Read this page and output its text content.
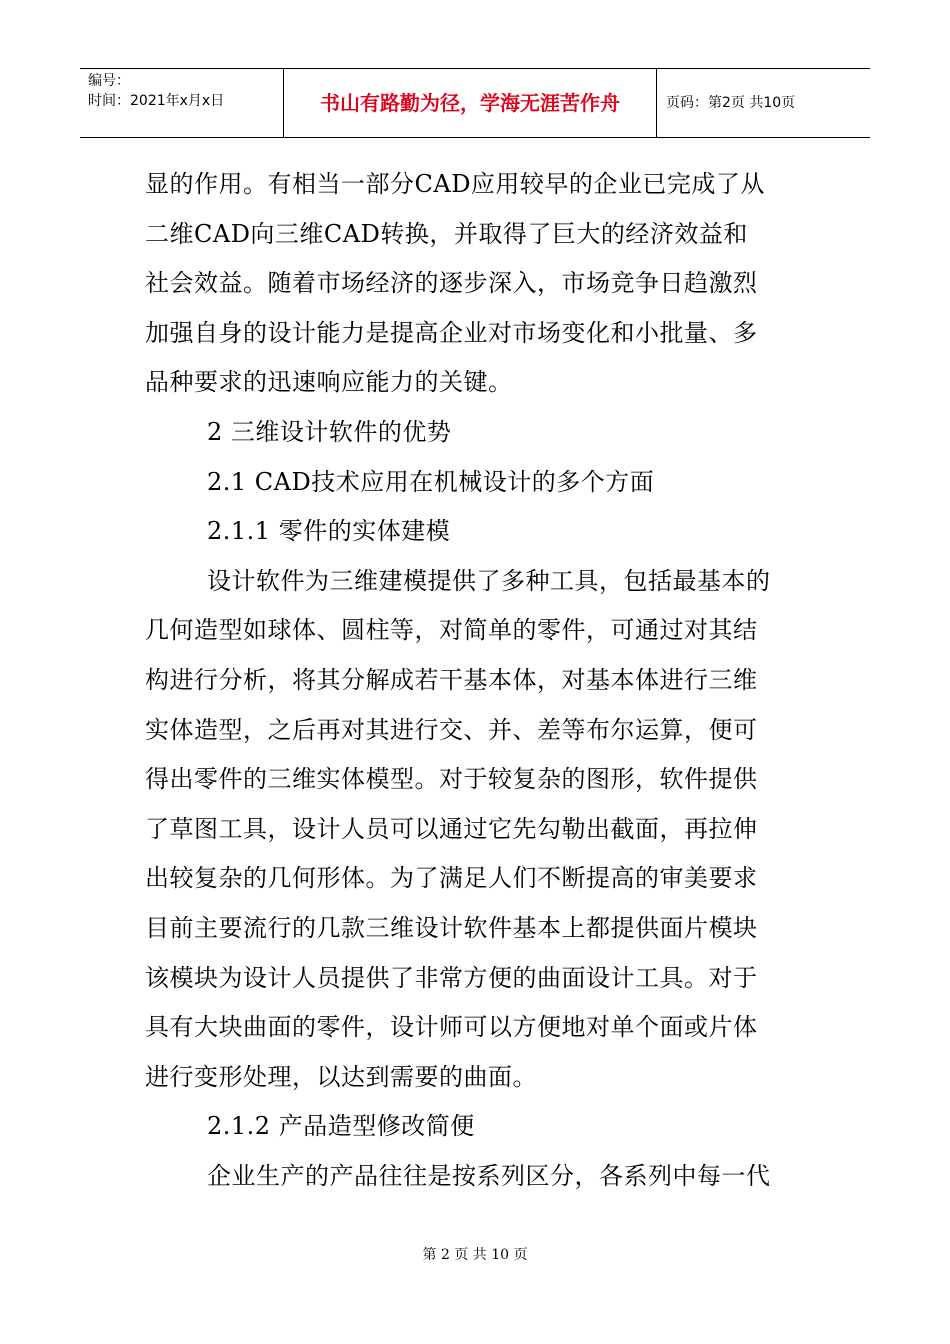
编号：
时间：2021年x月x日	书山有路勤为径，学海无涯苦作舟	页码：第2页 共10页
显的作用。有相当一部分CAD应用较早的企业已完成了从
二维CAD向三维CAD转换，并取得了巨大的经济效益和
社会效益。随着市场经济的逐步深入，市场竞争日趋激烈
加强自身的设计能力是提高企业对市场变化和小批量、多
品种要求的迅速响应能力的关键。
2 三维设计软件的优势
2.1 CAD技术应用在机械设计的多个方面
2.1.1 零件的实体建模
设计软件为三维建模提供了多种工具，包括最基本的
几何造型如球体、圆柱等，对简单的零件，可通过对其结
构进行分析，将其分解成若干基本体，对基本体进行三维
实体造型，之后再对其进行交、并、差等布尔运算，便可
得出零件的三维实体模型。对于较复杂的图形，软件提供
了草图工具，设计人员可以通过它先勾勒出截面，再拉伸
出较复杂的几何形体。为了满足人们不断提高的审美要求
目前主要流行的几款三维设计软件基本上都提供面片模块
该模块为设计人员提供了非常方便的曲面设计工具。对于
具有大块曲面的零件，设计师可以方便地对单个面或片体
进行变形处理，以达到需要的曲面。
2.1.2 产品造型修改简便
企业生产的产品往往是按系列区分，各系列中每一代
第 2 页 共 10 页
